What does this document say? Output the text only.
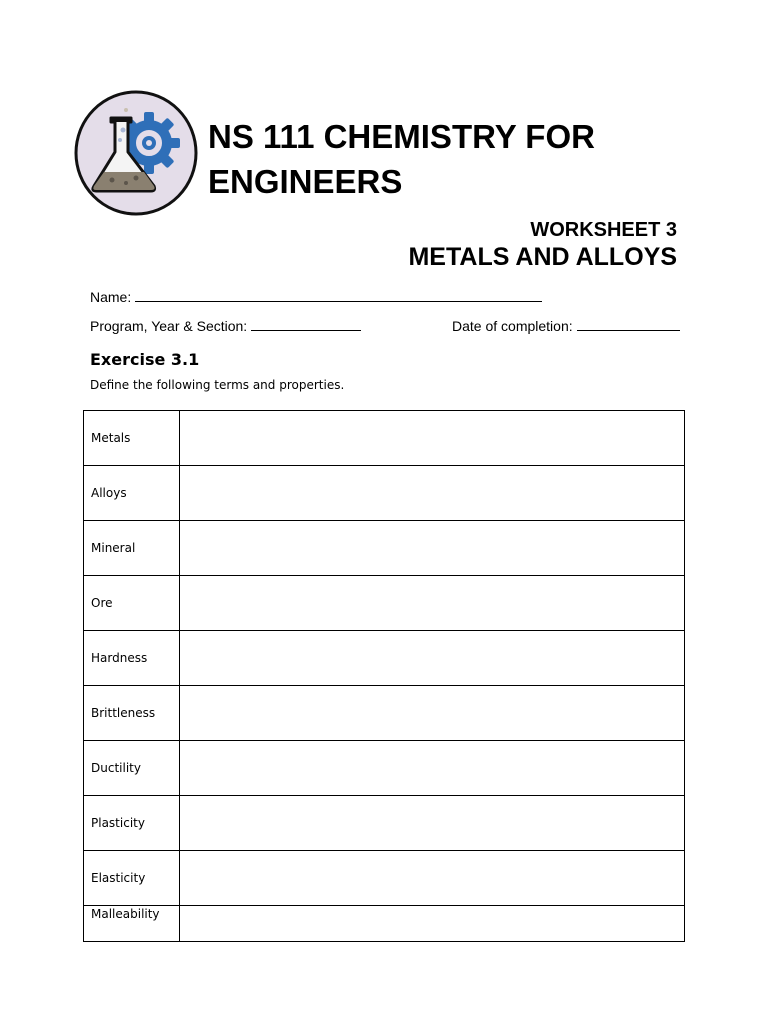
NS 111 CHEMISTRY FOR ENGINEERS
WORKSHEET 3
METALS AND ALLOYS
Name:
Program, Year & Section:	Date of completion:
Exercise 3.1
Define the following terms and properties.
Metals	
Alloys	
Mineral	
Ore	
Hardness	
Brittleness	
Ductility	
Plasticity	
Elasticity	
Malleability	
